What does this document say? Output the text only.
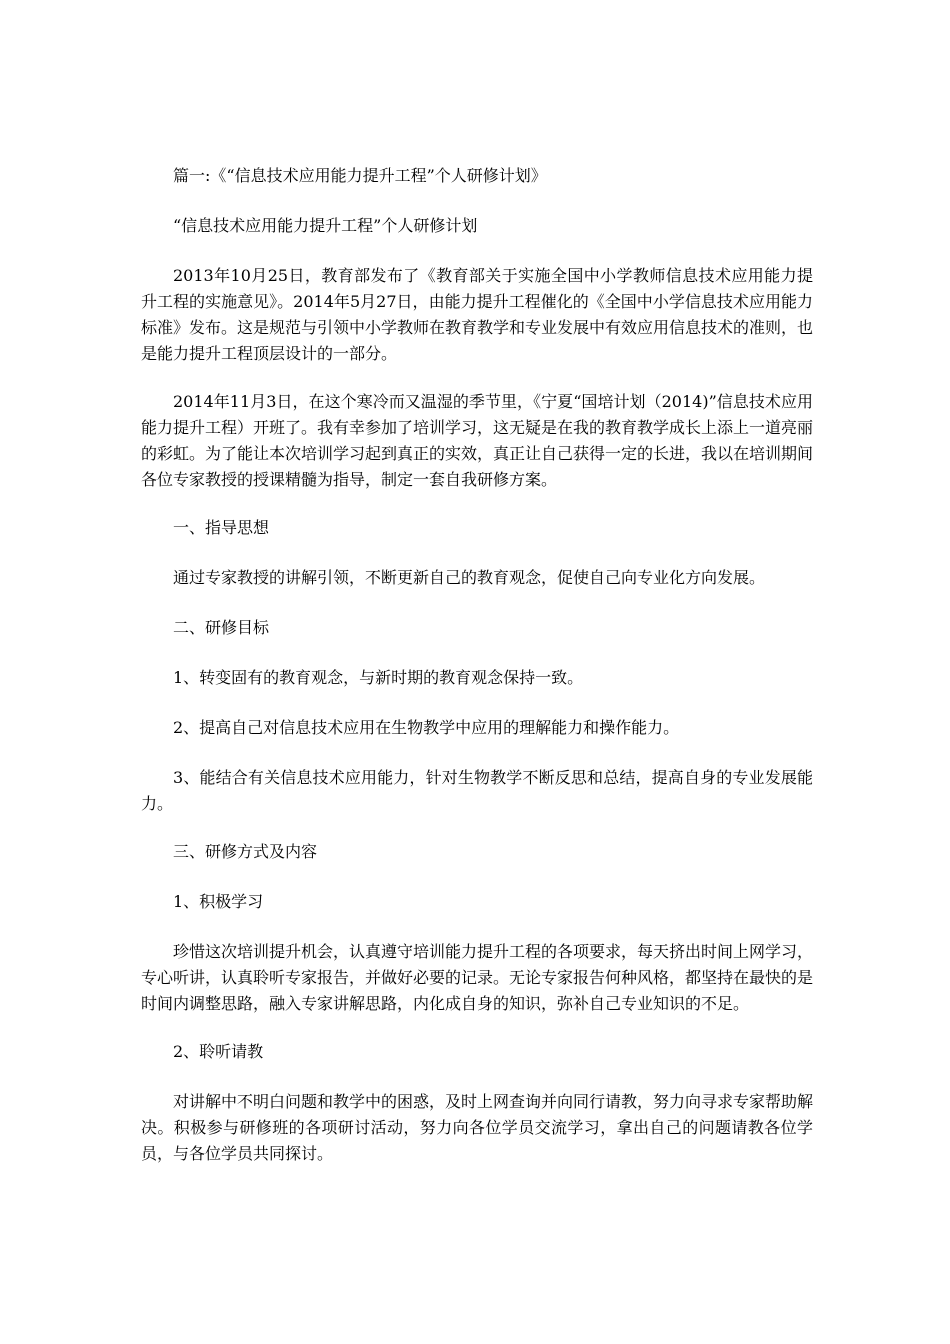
篇一:《“信息技术应用能力提升工程”个人研修计划》

“信息技术应用能力提升工程”个人研修计划

2013年10月25日，教育部发布了《教育部关于实施全国中小学教师信息技术应用能力提升工程的实施意见》。2014年5月27日，由能力提升工程催化的《全国中小学信息技术应用能力标准》发布。这是规范与引领中小学教师在教育教学和专业发展中有效应用信息技术的准则，也是能力提升工程顶层设计的一部分。

2014年11月3日，在这个寒冷而又温湿的季节里，《宁夏“国培计划（2014)”信息技术应用能力提升工程）开班了。我有幸参加了培训学习，这无疑是在我的教育教学成长上添上一道亮丽的彩虹。为了能让本次培训学习起到真正的实效，真正让自己获得一定的长进，我以在培训期间各位专家教授的授课精髓为指导，制定一套自我研修方案。

一、指导思想

通过专家教授的讲解引领，不断更新自己的教育观念，促使自己向专业化方向发展。

二、研修目标

1、转变固有的教育观念，与新时期的教育观念保持一致。

2、提高自己对信息技术应用在生物教学中应用的理解能力和操作能力。

3、能结合有关信息技术应用能力，针对生物教学不断反思和总结，提高自身的专业发展能力。

三、研修方式及内容

1、积极学习

珍惜这次培训提升机会，认真遵守培训能力提升工程的各项要求，每天挤出时间上网学习，专心听讲，认真聆听专家报告，并做好必要的记录。无论专家报告何种风格，都坚持在最快的是时间内调整思路，融入专家讲解思路，内化成自身的知识，弥补自己专业知识的不足。

2、聆听请教

对讲解中不明白问题和教学中的困惑，及时上网查询并向同行请教，努力向寻求专家帮助解决。积极参与研修班的各项研讨活动，努力向各位学员交流学习，拿出自己的问题请教各位学员，与各位学员共同探讨。
